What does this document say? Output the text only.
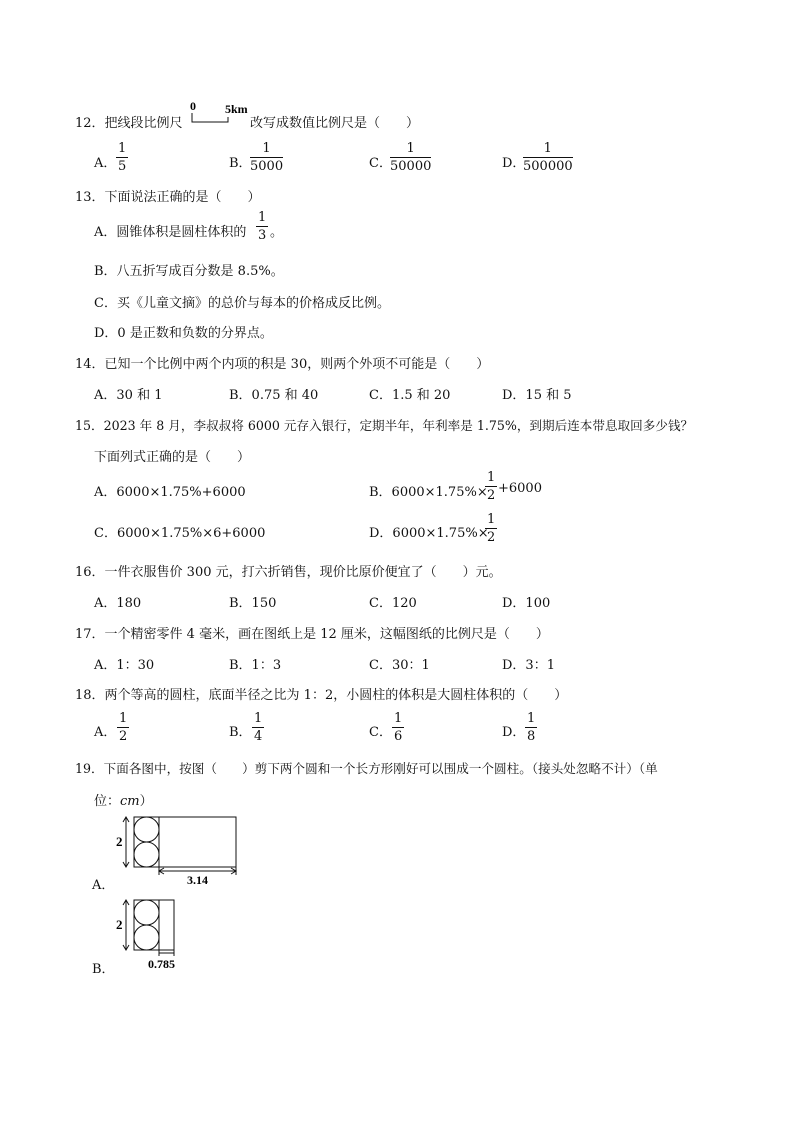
12．把线段比例尺
0 5km
改写成数值比例尺是（　　）
A． $\frac{1}{5}$	B．
$\frac{1}{5000}$	C．
$\frac{1}{50000}$	D．
$\frac{1}{500000}$
13．下面说法正确的是（　　）
A．圆锥体积是圆柱体积的 $\frac{1}{3}$ 。
B．八五折写成百分数是 8.5%。
C．买《儿童文摘》的总价与每本的价格成反比例。
D．0 是正数和负数的分界点。
14．已知一个比例中两个内项的积是 30，则两个外项不可能是（　　）
A．30 和 1	B．0.75 和 40	C．1.5 和 20	D．15 和 5
15．2023 年 8 月，李叔叔将 6000 元存入银行，定期半年，年利率是 1.75%，到期后连本带息取回多少钱？
下面列式正确的是（　　）
A．6000×1.75%+6000	B．6000×1.75%×
$\frac{1}{2} +6000$
C．6000×1.75%×6+6000	D．6000×1.75%×
$\frac{1}{2}$
16．一件衣服售价 300 元，打六折销售，现价比原价便宜了（　　）元。
A．180	B．150	C．120	D．100
17．一个精密零件 4 毫米，画在图纸上是 12 厘米，这幅图纸的比例尺是（　　）
A．1：30	B．1：3	C．30：1	D．3：1
18．两个等高的圆柱，底面半径之比为 1：2，小圆柱的体积是大圆柱体积的（　　）
A． $\frac{1}{2}$	B． $\frac{1}{4}$	C． $\frac{1}{6}$	D． $\frac{1}{8}$
19．下面各图中，按图（　　）剪下两个圆和一个长方形刚好可以围成一个圆柱。（接头处忽略不计）（单
位：cm）
A．
2
3.14
B．
2
0.785
